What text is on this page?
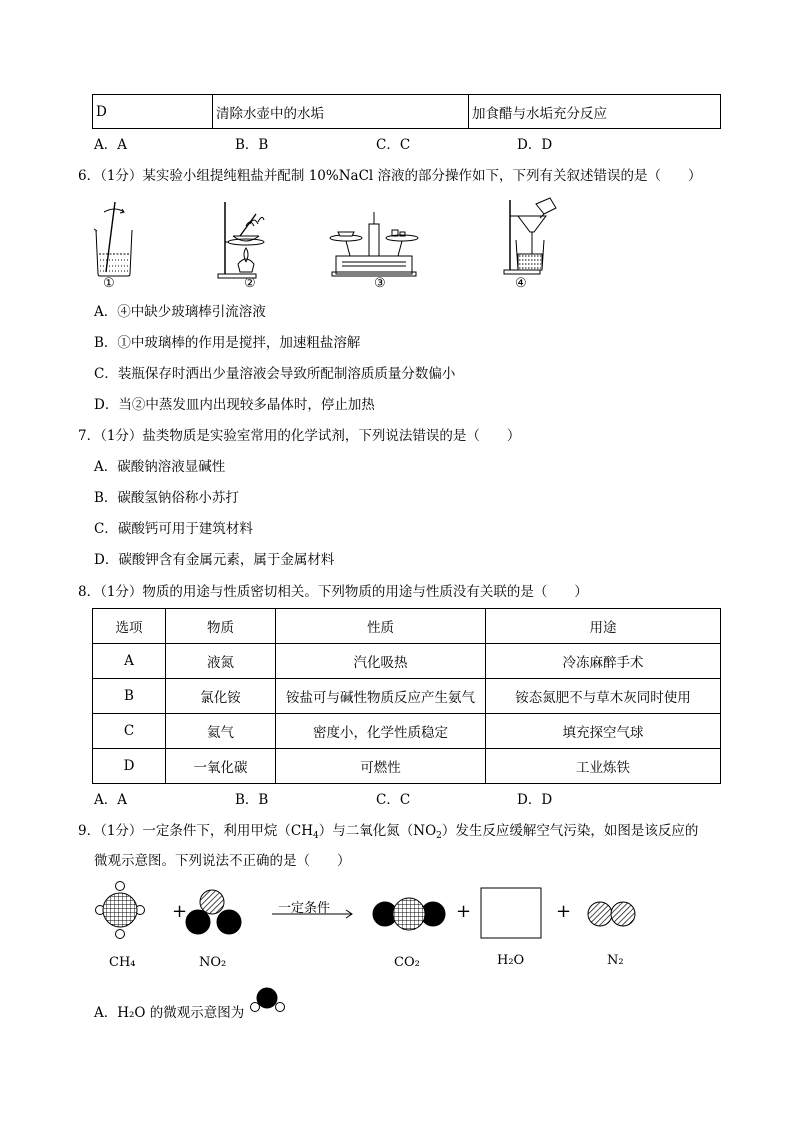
D	清除水壶中的水垢	加食醋与水垢充分反应
A．A	B．B	C．C	D．D
6．（1分）某实验小组提纯粗盐并配制 10%NaCl 溶液的部分操作如下，下列有关叙述错误的是（　　）
①	②	③	④
A．④中缺少玻璃棒引流溶液
B．①中玻璃棒的作用是搅拌，加速粗盐溶解
C．装瓶保存时洒出少量溶液会导致所配制溶质质量分数偏小
D．当②中蒸发皿内出现较多晶体时，停止加热
7．（1分）盐类物质是实验室常用的化学试剂，下列说法错误的是（　　）
A．碳酸钠溶液显碱性
B．碳酸氢钠俗称小苏打
C．碳酸钙可用于建筑材料
D．碳酸钾含有金属元素，属于金属材料
8．（1分）物质的用途与性质密切相关。下列物质的用途与性质没有关联的是（　　）
选项	物质	性质	用途
A	液氮	汽化吸热	冷冻麻醉手术
B	氯化铵	铵盐可与碱性物质反应产生氨气	铵态氮肥不与草木灰同时使用
C	氦气	密度小，化学性质稳定	填充探空气球
D	一氧化碳	可燃性	工业炼铁
A．A	B．B	C．C	D．D
9．（1分）一定条件下，利用甲烷$(CH_4)$与二氧化氮$(NO_2)$发生反应缓解空气污染，如图是该反应的
微观示意图。下列说法不正确的是（　　）
+	+	+
一定条件
CH₄	NO₂	CO₂	H₂O	N₂
A．H₂O 的微观示意图为
